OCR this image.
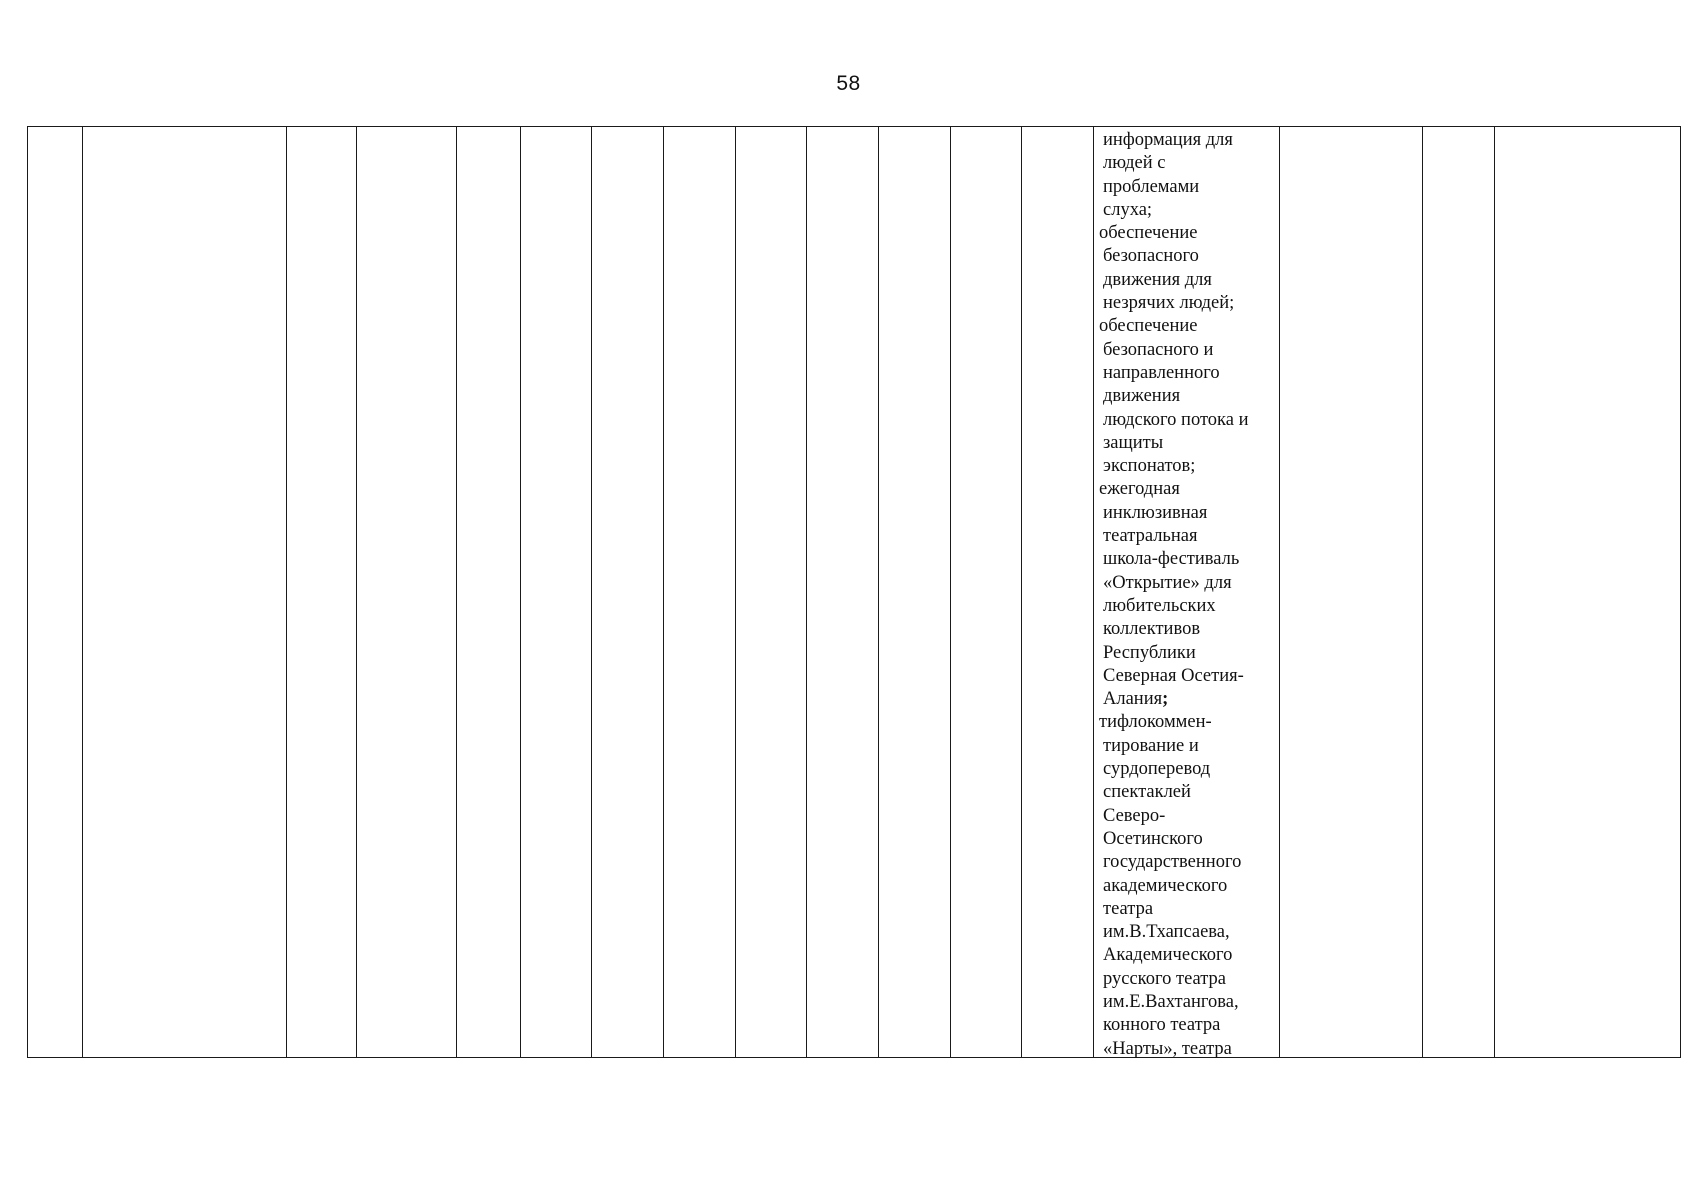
58
информация для
людей с
проблемами
слуха;
обеспечение
безопасного
движения для
незрячих людей;
обеспечение
безопасного и
направленного
движения
людского потока и
защиты
экспонатов;
ежегодная
инклюзивная
театральная
школа-фестиваль
«Открытие» для
любительских
коллективов
Республики
Северная Осетия-
Алания;
тифлокоммен-
тирование и
сурдоперевод
спектаклей
Северо-
Осетинского
государственного
академического
театра
им.В.Тхапсаева,
Академического
русского театра
им.Е.Вахтангова,
конного театра
«Нарты», театра
